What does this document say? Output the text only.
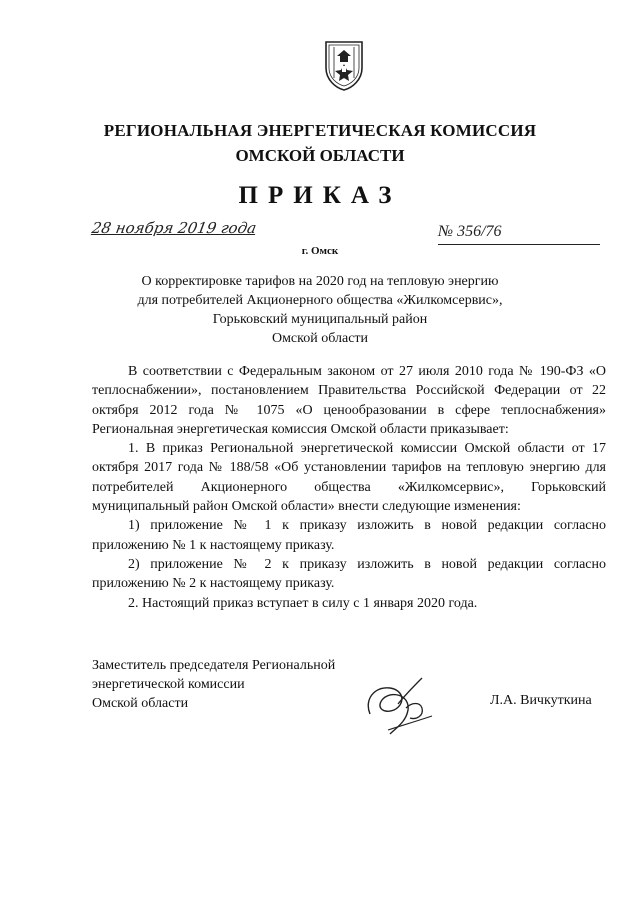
РЕГИОНАЛЬНАЯ ЭНЕРГЕТИЧЕСКАЯ КОМИССИЯ
ОМСКОЙ ОБЛАСТИ
ПРИКАЗ
28 ноября 2019 года
г. Омск
№ 356/76
О корректировке тарифов на 2020 год на тепловую энергию
для потребителей Акционерного общества «Жилкомсервис»,
Горьковский муниципальный район
Омской области

В соответствии с Федеральным законом от 27 июля 2010 года № 190-ФЗ «О теплоснабжении», постановлением Правительства Российской Федерации от 22 октября 2012 года № 1075 «О ценообразовании в сфере теплоснабжения» Региональная энергетическая комиссия Омской области приказывает:

1. В приказ Региональной энергетической комиссии Омской области от 17 октября 2017 года № 188/58 «Об установлении тарифов на тепловую энергию для потребителей Акционерного общества «Жилкомсервис», Горьковский муниципальный район Омской области» внести следующие изменения:

1) приложение № 1 к приказу изложить в новой редакции согласно приложению № 1 к настоящему приказу.

2) приложение № 2 к приказу изложить в новой редакции согласно приложению № 2 к настоящему приказу.

2. Настоящий приказ вступает в силу с 1 января 2020 года.

Заместитель председателя Региональной
энергетической комиссии
Омской области	Л.А. Вичкуткина
